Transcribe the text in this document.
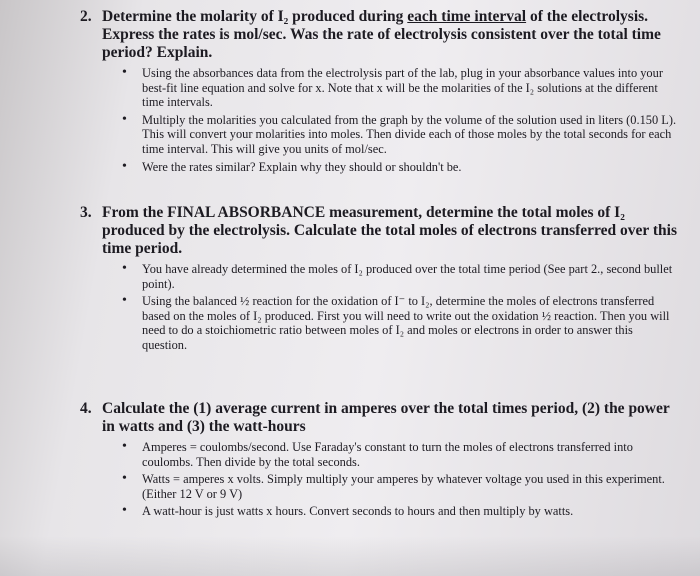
2. Determine the molarity of I₂ produced during each time interval of the electrolysis. Express the rates is mol/sec. Was the rate of electrolysis consistent over the total time period? Explain.
• Using the absorbances data from the electrolysis part of the lab, plug in your absorbance values into your best-fit line equation and solve for x. Note that x will be the molarities of the I₂ solutions at the different time intervals.
• Multiply the molarities you calculated from the graph by the volume of the solution used in liters (0.150 L). This will convert your molarities into moles. Then divide each of those moles by the total seconds for each time interval. This will give you units of mol/sec.
• Were the rates similar? Explain why they should or shouldn't be.
3. From the FINAL ABSORBANCE measurement, determine the total moles of I₂ produced by the electrolysis. Calculate the total moles of electrons transferred over this time period.
• You have already determined the moles of I₂ produced over the total time period (See part 2., second bullet point).
• Using the balanced ½ reaction for the oxidation of I⁻ to I₂, determine the moles of electrons transferred based on the moles of I₂ produced. First you will need to write out the oxidation ½ reaction. Then you will need to do a stoichiometric ratio between moles of I₂ and moles or electrons in order to answer this question.
4. Calculate the (1) average current in amperes over the total times period, (2) the power in watts and (3) the watt-hours
• Amperes = coulombs/second. Use Faraday's constant to turn the moles of electrons transferred into coulombs. Then divide by the total seconds.
• Watts = amperes x volts. Simply multiply your amperes by whatever voltage you used in this experiment. (Either 12 V or 9 V)
• A watt-hour is just watts x hours. Convert seconds to hours and then multiply by watts.
